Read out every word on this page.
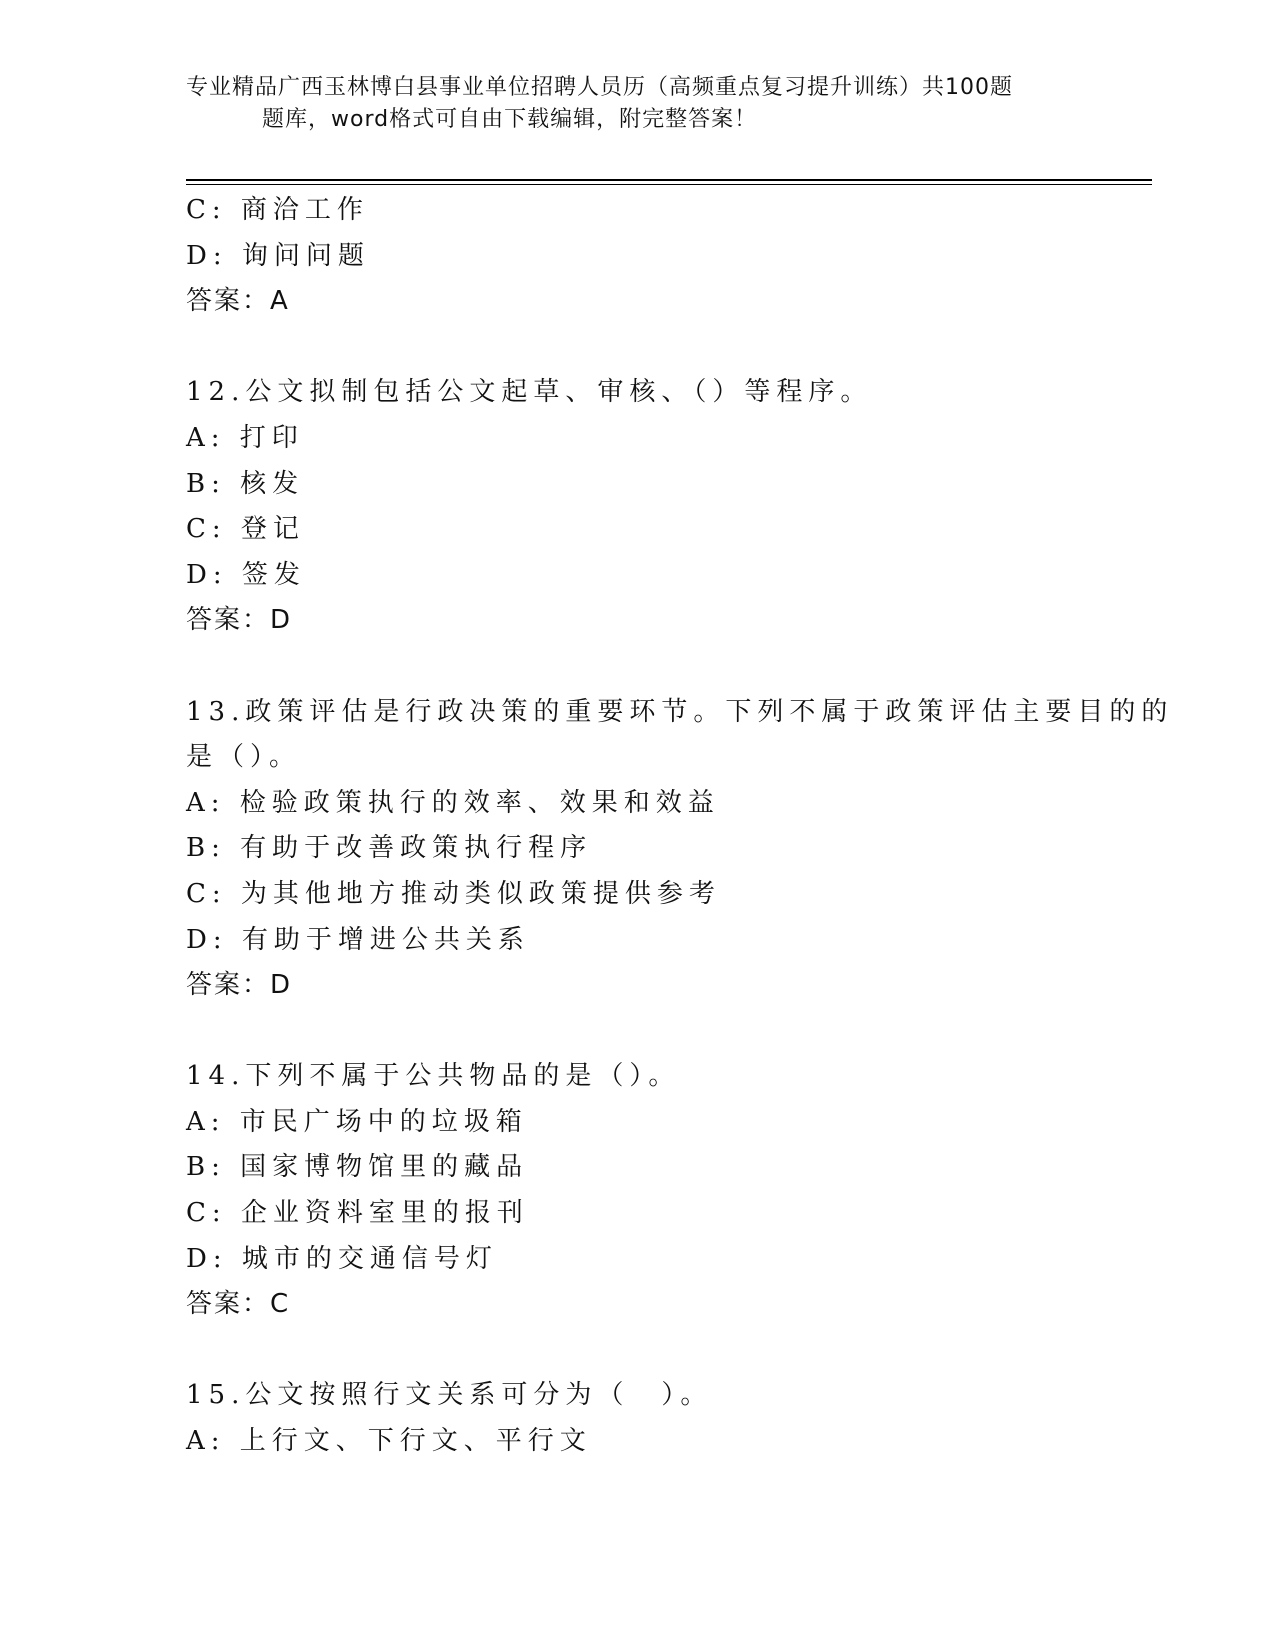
专业精品广西玉林博白县事业单位招聘人员历（高频重点复习提升训练）共100题
题库，word格式可自由下载编辑，附完整答案！
C: 商洽工作
D: 询问问题
答案：A
12.公文拟制包括公文起草、审核、（）等程序。
A: 打印
B: 核发
C: 登记
D: 签发
答案：D
13.政策评估是行政决策的重要环节。下列不属于政策评估主要目的的
是（）。
A: 检验政策执行的效率、效果和效益
B: 有助于改善政策执行程序
C: 为其他地方推动类似政策提供参考
D: 有助于增进公共关系
答案：D
14.下列不属于公共物品的是（）。
A: 市民广场中的垃圾箱
B: 国家博物馆里的藏品
C: 企业资料室里的报刊
D: 城市的交通信号灯
答案：C
15.公文按照行文关系可分为（　）。
A: 上行文、下行文、平行文
